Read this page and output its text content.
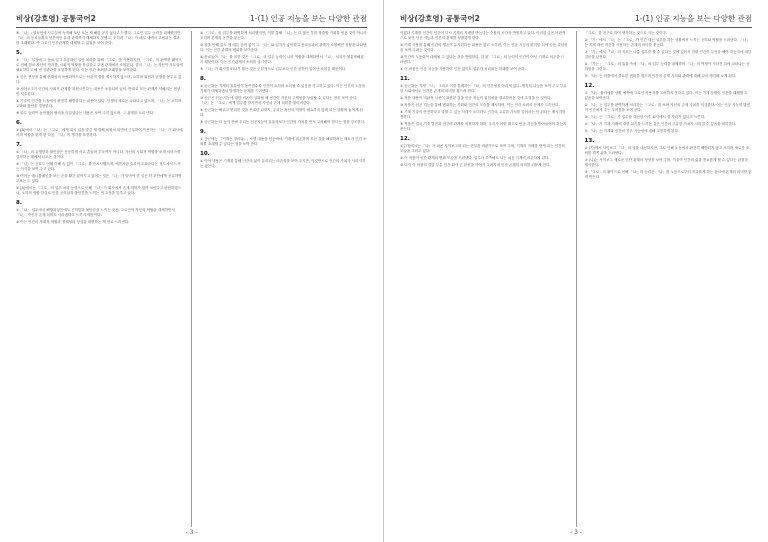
비상(강호영) 공통국어2	1-(1) 인공 지능을 보는 다양한 관점
⑤ 「나」: 열쇠언에 사무실에 녹게해 보닌 오는 게 해한 공지 않다고 느꼈다. 그로인 업무 능력을 대체했지만, 「나」의 등료들과의 인간적인 유대 관계까지 대체하지 못했고, 오히려 「나」가 매일 내에서 고립되는 결과를 초래했다. 즉 그로인 인간관계를 대체할 수 없었음 보여 준다.
5.
① 「나」 입장에 그 동료 일고 초롱하인 일만 처리를 위해 「그로」을 사용하지만, 「그로」의 완벽한 활약으로 인해 점차 자신의 자리를, 사회적 역할을 상실하고 주변 관계에서 소외된다. 결국 「나」는 자신이 사무실에 필요하다고 해 낸 상관관을 포함하게 된다. 이는 인간 소외를 초래함을 보여준다.
② 공은 현상을 통해 현재성의 독립과학으로는 낙관적 결을 제시하지 않으며, 오히려 위험과 균형을 봄주고 있다.
③ 서아오그가 인간의 사회적 관계를 복원시킨다는 내용은 포함되어 있어, 반대로 모든 관계가 약해지는 현상만 서술된다.
④ 기술이 인간을 느돌에서 완전히 해방한다는 내용이 있다. 단쟁의 새로운 나타나고 있으며, 「나」는 오히려 교화와 불안을 경험한다.
⑤ 업무 능력이 높아졌어 협력을 이끌었다는 내용은 보여 주지 않으며, 그 관계를 도리 낸다.
6.
① [A]에서 「나」는 「그로」에게 회사 업을 맡긴 채 결해 퇴원처 되면서 근무하여 이용하는 「나」가 회사에서의 역할을 잃게 된 다음, 「나」의 생각을 표현한다.
7.
① 「나」의 유행함과 불안함은 응응하게 사고 흔들어 부국이가 아니다, 자신의 사회적 역할을 소개 서비스를 감정하는 데에서 나오는 것이다.
② 「나」는 동료도 인해 이해 속 없이 「그로」를 증시시했으며, 예전처럼 효과적 도와준다는 정도에서 느끼는 이식을 보여 주고 있다.
③ 여어는 매니를메인을 보는 곧을 활간 잃어지고 있어는 것은 「나」가 알아야 한 일은 한 무안에게 공유하면 무보는 수 있다.
④ [A]에서는 「그로」의 업무 처리 능력으로 인해 「나」가 회사에서 존재 의미가 없어 보인다고 판단하였으나, 오히려 역할 살실로 인한 공허함과 불안감을 느끼는 게 초점을 맞추고 있다.
8.
① 「나」 업무에서 해방되었음에도 공허함과 불안감을 느끼는 것은, 그로인이 자신의 역할을 대체하면서 「나」 자신의 존재 의미도 사라졌다고 느끼기 때문이다.
② 이는 인간의 사회적 역할과 정체성의 상실을 대변하는 게 상로 드러낸다.
② 「그로」의 업무를 완벽하게 처리했지만, 이를 통해 「나」는 더 많은 부를 창출할 기회를 얻은 것이 아니라 오히려 존재의 공간을 잃는다.
③ 열을 안해 있도 게 매튼 공직 없이 그 「나」와 입지가 좋아졌고 동료들과의 관계가 소원해진 상황을 나타낸다. 이는 인간 관계의 변화를 보여준다.
④ 동료들이 「나」를 피한 것은 「그로」의 업무 능력이 나의 역할을 대체하면서 「나」 처지가 불분명해졌기 때문이다. 이는 인간관계의 소외를 암시한다.
⑤ 「나」가 회사를 떠나기 힘든 것은 근본적으로 업무보다 인간 공간이 일어난 소외감 때문이다.
8.
② 공근하는 기계의 효율성이 높아짐수록 인간이 오히려 소외될 수 있음을 경고하고 있다. 이는 인간의 노동을 기계가 대체하면서 발생하는 문제를 드러낸다.
③ 공근은 인공 지능에 대한 의존이 심화될 때 인간이 자신의 주체성을 상실할 수 있다는 점을 보여 준다. 「나」는 「그로」에게 업무를 맡기면서 자신의 존재 의미를 잃어버린다.
④ 공근하는 빠르고 편리한 것을 선호한 나머지, 우리는 자신의 역할이 필요하지 않게 되는 상황에 놓이게 된다.
⑤ 공근하는 더 높지 전에 우리는 인공지능이 효율성보다 인간의 가치를 먼저 고려해야 한다는 점을 강조한다.
9.
① 공근에는 「기계는 정리다」, 소생 내용을 인공에서, 기계에 의존하며 모든 것을 해결하려는 태도가 인간 소외를 초래할 수 있다는 점을 보여 준다.
10.
① 이야 내용은 기계를 통해 인간의 삶이 유리되는 의존성을 보여 주지만, 이것만으로 인간의 가치가 사라지지는 않는다.
- 3 -
비상(강호영) 공통국어2	1-(1) 인공 지능을 보는 다양한 관점
이겠다 기계를 인간이 인간이 다시 기계의 지배를 받는다는 순환의 시간을 반영하고 있다. 이러한 글은 비판적으로 보면 인공 지능과 인간의 관계를 성찰하게 한다.
② 기계 사용을 통해 인간의 생존이 유지된다는 내용은 없고 오히려, 이는 인공 지능의 편리함 뒤에 숨은 위험성을 보여 주려는 것이다.
③ 인간의 노동력이 대체될 수 있다는 점을 반영한다. 한 편 「그로」의 능력이 인간이 아닌 기계로 의존을 드러낸다.
④ 이 작품은 인공 지능을 사용하여 인간 없이도 업무가 처리되는 미래를 보여 준다.
11.
① 공근하는 기계 「너」 그리고 이를 통제하는 「나」의 인간성을 아리게 있다. 생각의 나눔을 보여 주고 부유한 사회에서도 인간은 존재의 의미를 찾으려 한다.
② 작품 내용이 비판적 시선이 표현된 것을 인공 지능의 위험성을 경고하려는 것에 초점을 둔 것이다.
③ 작품은 인공 지능을 통해 변화하는 사회와 인간의 모습을 제시하며, 이는 인간 소외의 문제가 드러난다.
④ 기계 기술이 안전하다고 말할 수 있는 시대가 오더라도 인간의 고유한 가치를 잊어서는 안 된다는 메시지를 전한다.
⑤ 작품은 결국 기술 발전과 인간의 관계를 성찰하게 하며, 우리가 어떤 태도로 인공 지능을 받아들여야 하는지 묻는다.
12.
① [가]에서는 「나」가 피곤 사이보그화 되는 현실을 비판적으로 보여 주며, 기계의 지배를 받게 되는 인간의 모습을 그리고 있다.
② 이 작품이 인간 관계의 변화 모습을 드러낸다. 업무가 부족해도 나는 처음 기계에 의존하게 된다.
③ 디자 이 작품의 결말 부분 인간 회사 근 문헌을 이야기 그려지며 인간 존재의 의미를 되묻게 한다.
「그로」를 친구로 하여 생각하는 것으로 가는 것이다.
② 「가」에서 「나」는 「그로」가 인간 대신 업무를 하는 상황에서 느끼는 공허와 역할을 드러낸다. 「나」는 기계 대신 자신을 사용하는 존재의 의미를 묻는다.
③ 「가」에서 「나」의 지도는 나름 업무를 할 수 있다는 것에 있어서 한편 인간이 무엇을 해야 하는지에 대한 질문을 던진다.
④ 「가는」 「그로」의 효율 속에 「나」의 업무 능력을 대체하며 「나」의 역할이 사라진 뒤에 나타나는 공허함을 그린다.
⑤ 「나」는 작품에서 중요한 변화를 겪으며 인간의 존재 가치와 관계에 대해 다시 생각해 보게 된다.
12.
① 「나」 불가에한 상황 예측에 그로인 사용자를 고려하지 못하고 있다. 이는 기계 문명이 인간을 대체할 수 있음을 보여준다.
② 「나」는 업무를 완벽하게 처리하는 「그로」를 보며 자신의 존재 가치를 의심한다. 이는 인공 지능의 발전이 인간에게 주는 두려움을 보여 준다.
③ 「나」는 「그로」가 업무를 대신한 이후 회사에서 설 자리가 없다고 느낀다.
④ 「나」가 기계 지배에 대한 위기를 느끼는 것은 인간의 고유한 가치가 사라질 수 있음을 의미한다.
⑤ 「나」는 기계와 인간의 공존 가능성에 대해 고민하게 된다.
13.
① (가)에서 사이보그 「나」의 일을 대신하지만, 그로 인해 노동에서 완전히 해방되지 않고 오히려 새로운 소외를 겪게 됨을 드러낸다.
② (나)는 사이보그 새로운 인간 관계의 형성을 보여 주며, 기술이 인간의 삶을 풍요롭게 할 수 있다는 관점을 제시한다.
③ 「그로」의 활약으로 인해 「나」의 능력은 「나」를 노동으로부터 자유롭게 하는 동시에 존재의 의미를 잃게 만든다.
- 3 -
